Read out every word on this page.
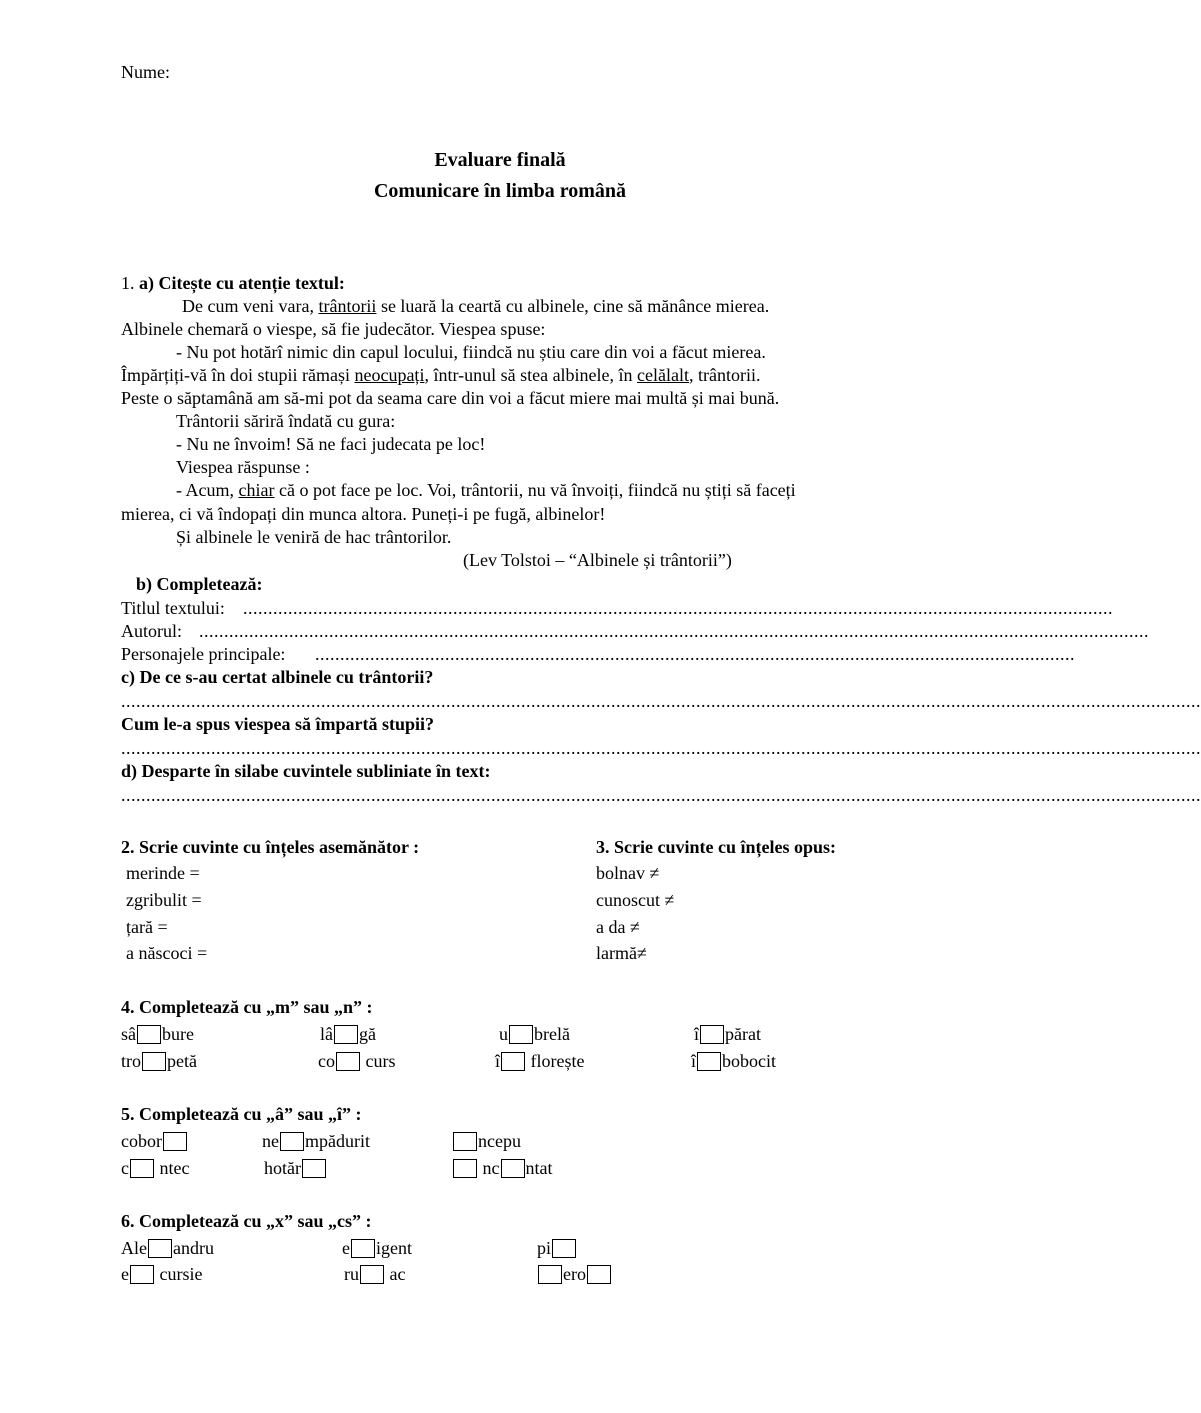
Nume:
Evaluare finală
Comunicare în limba română
1. a) Citește cu atenție textul:
De cum veni vara, trântorii se luară la ceartă cu albinele, cine să mănânce mierea.
Albinele chemară o viespe, să fie judecător. Viespea spuse:
- Nu pot hotărî nimic din capul locului, fiindcă nu știu care din voi a făcut mierea.
Împărțiți-vă în doi stupii rămași neocupați, într-unul să stea albinele, în celălalt, trântorii.
Peste o săptamână am să-mi pot da seama care din voi a făcut miere mai multă și mai bună.
Trântorii săriră îndată cu gura:
- Nu ne învoim! Să ne faci judecata pe loc!
Viespea răspunse :
- Acum, chiar că o pot face pe loc. Voi, trântorii, nu vă învoiți, fiindcă nu știți să faceți
mierea, ci vă îndopați din munca altora. Puneți-i pe fugă, albinelor!
Și albinele le veniră de hac trântorilor.
(Lev Tolstoi – “Albinele și trântorii”)
b) Completează:
Titlul textului: ..............................................................................................................................................................................
Autorul: ..............................................................................................................................................................................................
Personajele principale: ........................................................................................................................................................
c) De ce s-au certat albinele cu trântorii?
........................................................................................................................................................................................................................
Cum le-a spus viespea să împartă stupii?
........................................................................................................................................................................................................................
d) Desparte în silabe cuvintele subliniate în text:
........................................................................................................................................................................................................................
2. Scrie cuvinte cu înțeles asemănător :
merinde =
zgribulit =
țară =
a născoci =
3. Scrie cuvinte cu înțeles opus:
bolnav ≠
cunoscut ≠
a da ≠
larmă≠
4. Completează cu „m” sau „n” :
sâ bure	lâ gă	u brelă	î părat
tro petă	co curs	î florește	î bobocit
5. Completează cu „â” sau „î” :
cobor	ne mpădurit	ncepu
c ntec	hotăr	nc ntat
6. Completează cu „x” sau „cs” :
Ale andru	e igent	pi
e cursie	ru ac	ero
